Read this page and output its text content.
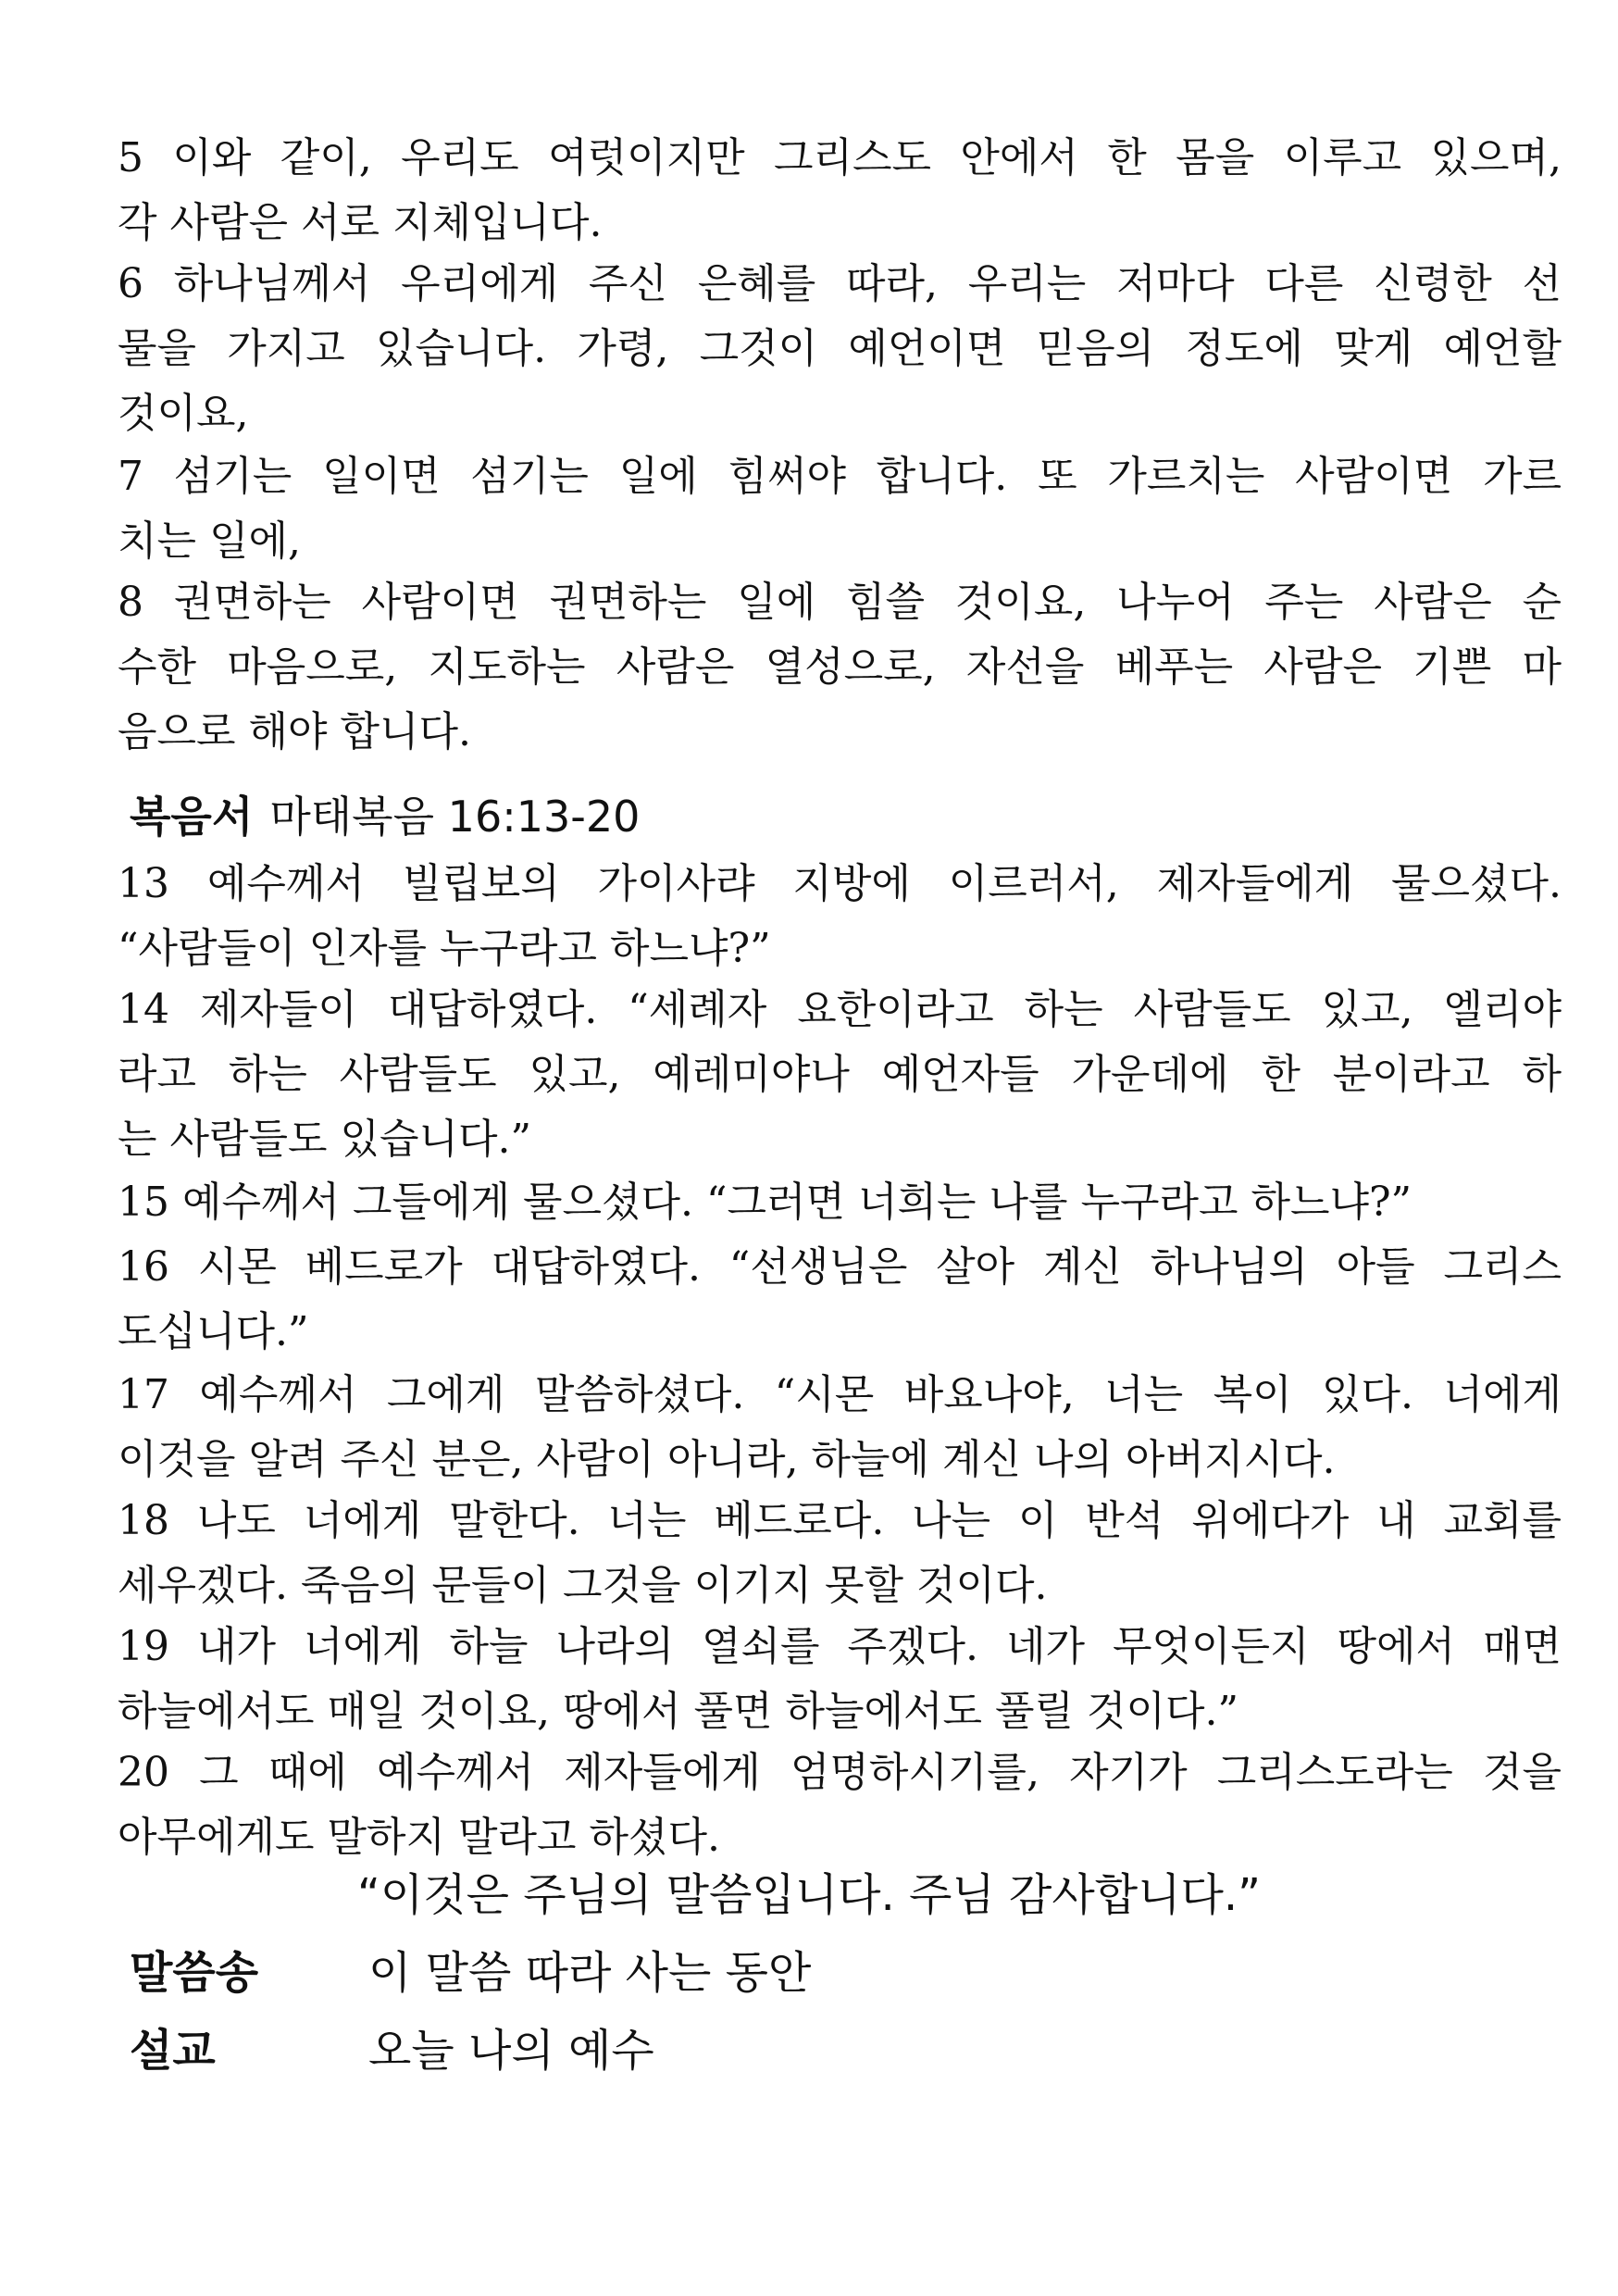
5 이와 같이, 우리도 여럿이지만 그리스도 안에서 한 몸을 이루고 있으며,
각 사람은 서로 지체입니다.
6 하나님께서 우리에게 주신 은혜를 따라, 우리는 저마다 다른 신령한 선
물을 가지고 있습니다. 가령, 그것이 예언이면 믿음의 정도에 맞게 예언할
것이요,
7 섬기는 일이면 섬기는 일에 힘써야 합니다. 또 가르치는 사람이면 가르
치는 일에,
8 권면하는 사람이면 권면하는 일에 힘쓸 것이요, 나누어 주는 사람은 순
수한 마음으로, 지도하는 사람은 열성으로, 자선을 베푸는 사람은 기쁜 마
음으로 해야 합니다.
복음서 마태복음 16:13-20
13 예수께서 빌립보의 가이사랴 지방에 이르러서, 제자들에게 물으셨다.
“사람들이 인자를 누구라고 하느냐?”
14 제자들이 대답하였다. “세례자 요한이라고 하는 사람들도 있고, 엘리야
라고 하는 사람들도 있고, 예레미야나 예언자들 가운데에 한 분이라고 하
는 사람들도 있습니다.”
15 예수께서 그들에게 물으셨다. “그러면 너희는 나를 누구라고 하느냐?”
16 시몬 베드로가 대답하였다. “선생님은 살아 계신 하나님의 아들 그리스
도십니다.”
17 예수께서 그에게 말씀하셨다. “시몬 바요나야, 너는 복이 있다. 너에게
이것을 알려 주신 분은, 사람이 아니라, 하늘에 계신 나의 아버지시다.
18 나도 너에게 말한다. 너는 베드로다. 나는 이 반석 위에다가 내 교회를
세우겠다. 죽음의 문들이 그것을 이기지 못할 것이다.
19 내가 너에게 하늘 나라의 열쇠를 주겠다. 네가 무엇이든지 땅에서 매면
하늘에서도 매일 것이요, 땅에서 풀면 하늘에서도 풀릴 것이다.”
20 그 때에 예수께서 제자들에게 엄명하시기를, 자기가 그리스도라는 것을
아무에게도 말하지 말라고 하셨다.
“이것은 주님의 말씀입니다. 주님 감사합니다.”
말씀송 이 말씀 따라 사는 동안
설교	오늘 나의 예수
